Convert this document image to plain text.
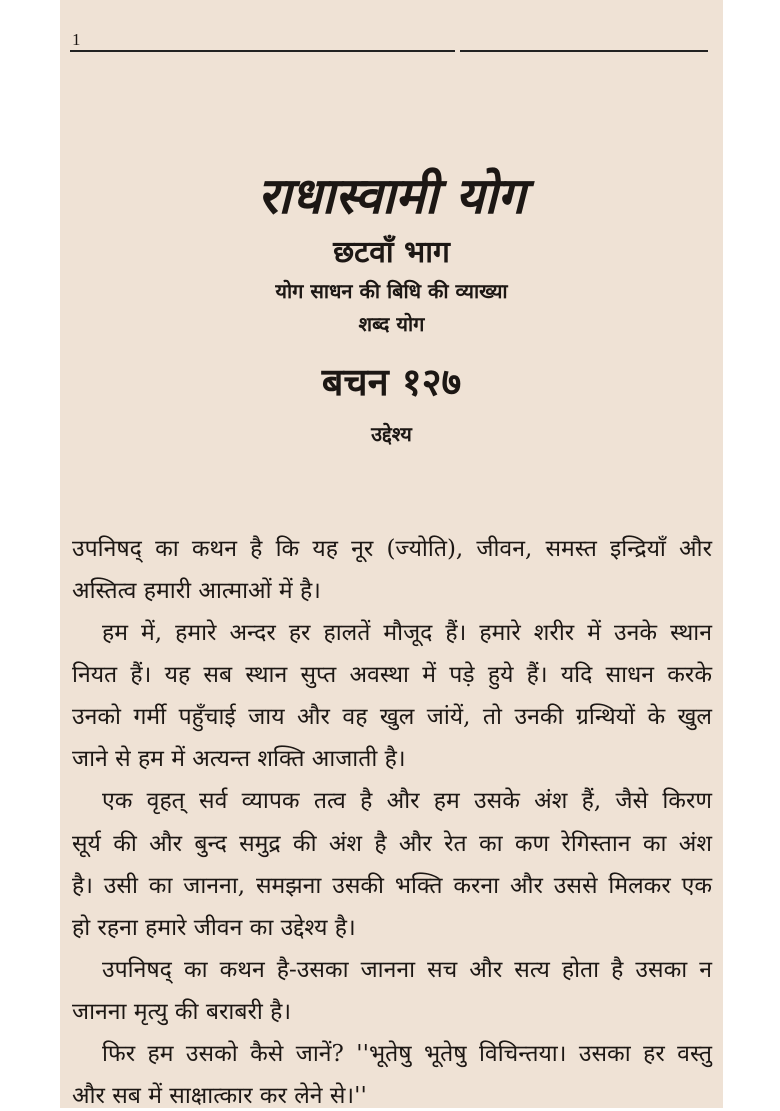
1
राधास्वामी योग
छटवाँ भाग
योग साधन की बिधि की व्याख्या
शब्द योग
बचन १२७
उद्देश्य
उपनिषद् का कथन है कि यह नूर (ज्योति), जीवन, समस्त इन्द्रियाँ और
अस्तित्व हमारी आत्माओं में है।
हम में, हमारे अन्दर हर हालतें मौजूद हैं। हमारे शरीर में उनके स्थान
नियत हैं। यह सब स्थान सुप्त अवस्था में पड़े हुये हैं। यदि साधन करके
उनको गर्मी पहुँचाई जाय और वह खुल जांयें, तो उनकी ग्रन्थियों के खुल
जाने से हम में अत्यन्त शक्ति आजाती है।
एक वृहत् सर्व व्यापक तत्व है और हम उसके अंश हैं, जैसे किरण
सूर्य की और बुन्द समुद्र की अंश है और रेत का कण रेगिस्तान का अंश
है। उसी का जानना, समझना उसकी भक्ति करना और उससे मिलकर एक
हो रहना हमारे जीवन का उद्देश्य है।
उपनिषद् का कथन है-उसका जानना सच और सत्य होता है उसका न
जानना मृत्यु की बराबरी है।
फिर हम उसको कैसे जानें? ''भूतेषु भूतेषु विचिन्तया। उसका हर वस्तु
और सब में साक्षात्कार कर लेने से।''
